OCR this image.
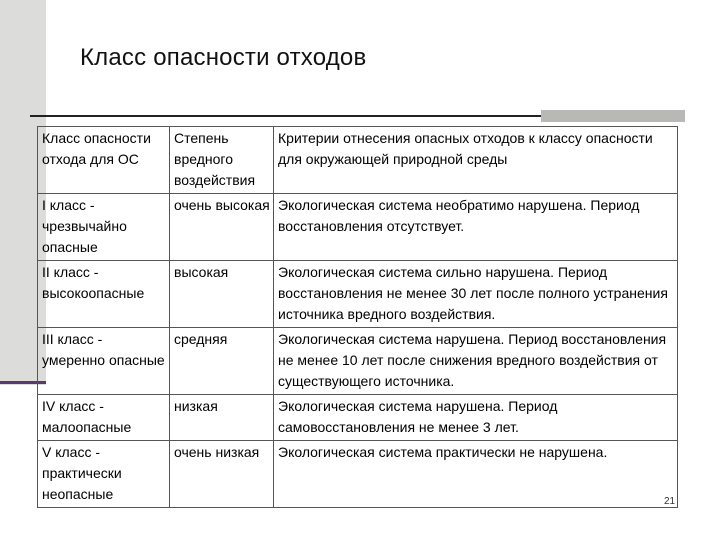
Класс опасности отходов
Класс опасности отхода для ОС	Степень вредного воздействия	Критерии отнесения опасных отходов к классу опасности для окружающей природной среды
I класс - чрезвычайно опасные	очень высокая	Экологическая система необратимо нарушена. Период восстановления отсутствует.
II класс - высокоопасные	высокая	Экологическая система сильно нарушена. Период восстановления не менее 30 лет после полного устранения источника вредного воздействия.
III класс - умеренно опасные	средняя	Экологическая система нарушена. Период восстановления не менее 10 лет после снижения вредного воздействия от существующего источника.
IV класс - малоопасные	низкая	Экологическая система нарушена. Период самовосстановления не менее 3 лет.
V класс - практически неопасные	очень низкая	Экологическая система практически не нарушена.
21
